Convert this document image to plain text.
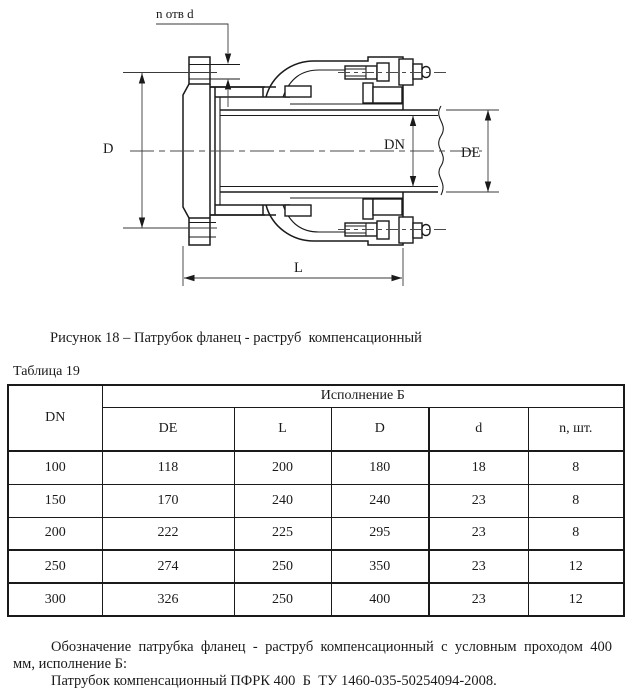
n отв d
D	DN	DE
L
Рисунок 18 – Патрубок фланец - раструб  компенсационный
Таблица 19
DN	Исполнение Б				
	DE	L	D	d	n, шт.
100	118	200	180	18	8
150	170	240	240	23	8
200	222	225	295	23	8
250	274	250	350	23	12
300	326	250	400	23	12
Обозначение патрубка фланец - раструб компенсационный с условным проходом 400
мм, исполнение Б:
Патрубок компенсационный ПФРК 400  Б  ТУ 1460-035-50254094-2008.
